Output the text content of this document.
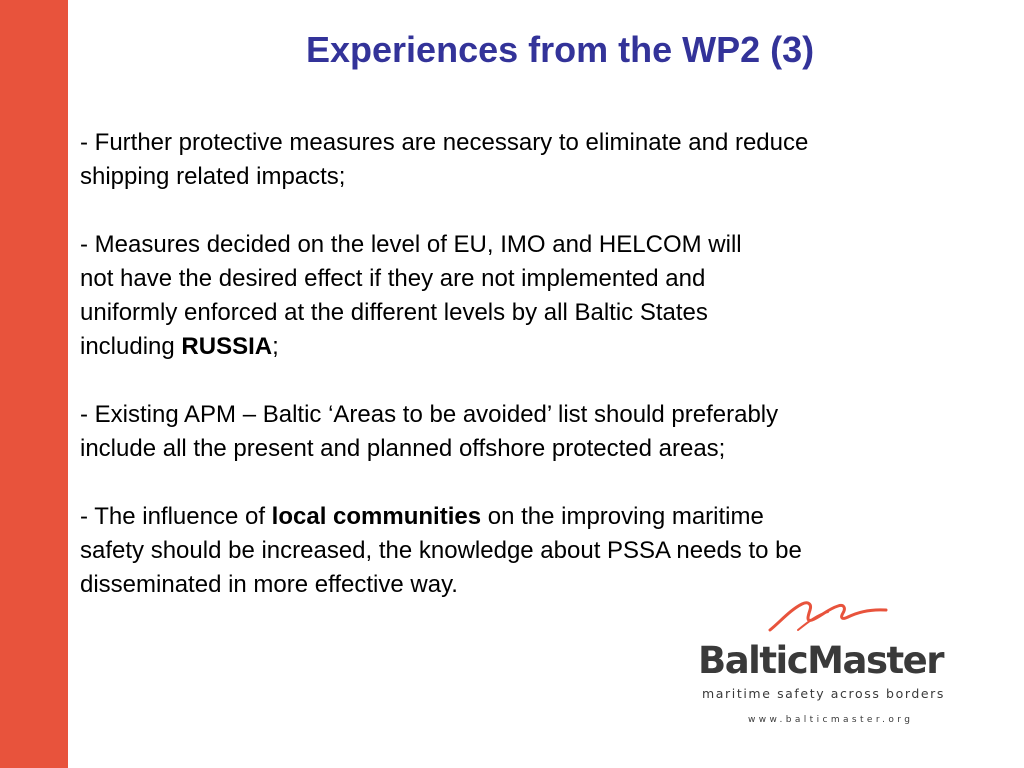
Experiences from the WP2 (3)

- Further protective measures are necessary to eliminate and reduce
shipping related impacts;

- Measures decided on the level of EU, IMO and HELCOM will
not have the desired effect if they are not implemented and
uniformly enforced at the different levels by all Baltic States
including RUSSIA;

- Existing APM – Baltic ‘Areas to be avoided’ list should preferably
include all the present and planned offshore protected areas;

- The influence of local communities on the improving maritime
safety should be increased, the knowledge about PSSA needs to be
disseminated in more effective way.

BalticMaster
maritime safety across borders
www.balticmaster.org
